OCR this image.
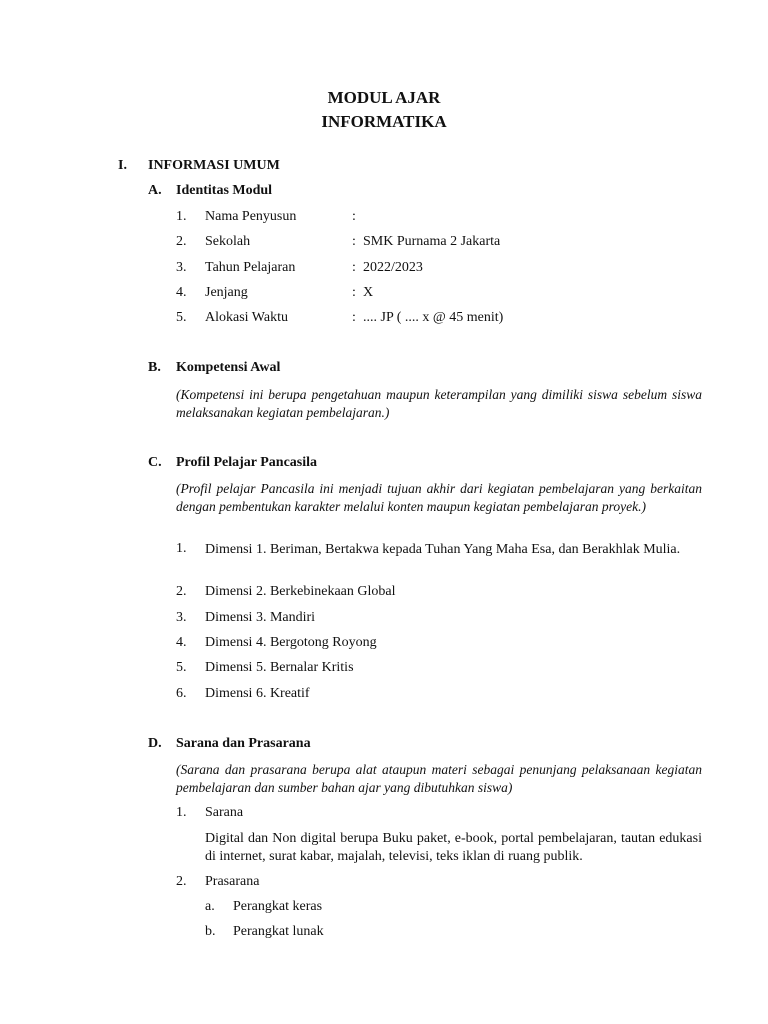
MODUL AJAR
INFORMATIKA
I. INFORMASI UMUM
A. Identitas Modul
1. Nama Penyusun	:
2. Sekolah	: SMK Purnama 2 Jakarta
3. Tahun Pelajaran	: 2022/2023
4. Jenjang	: X
5. Alokasi Waktu	: .... JP ( .... x @ 45 menit)
B. Kompetensi Awal
(Kompetensi ini berupa pengetahuan maupun keterampilan yang dimiliki siswa sebelum siswa melaksanakan kegiatan pembelajaran.)
C. Profil Pelajar Pancasila
(Profil pelajar Pancasila ini menjadi tujuan akhir dari kegiatan pembelajaran yang berkaitan dengan pembentukan karakter melalui konten maupun kegiatan pembelajaran proyek.)
1. Dimensi 1. Beriman, Bertakwa kepada Tuhan Yang Maha Esa, dan Berakhlak Mulia.
2. Dimensi 2. Berkebinekaan Global
3. Dimensi 3. Mandiri
4. Dimensi 4. Bergotong Royong
5. Dimensi 5. Bernalar Kritis
6. Dimensi 6. Kreatif
D. Sarana dan Prasarana
(Sarana dan prasarana berupa alat ataupun materi sebagai penunjang pelaksanaan kegiatan pembelajaran dan sumber bahan ajar yang dibutuhkan siswa)
1. Sarana
Digital dan Non digital berupa Buku paket, e-book, portal pembelajaran, tautan edukasi di internet, surat kabar, majalah, televisi, teks iklan di ruang publik.
2. Prasarana
a. Perangkat keras
b. Perangkat lunak
